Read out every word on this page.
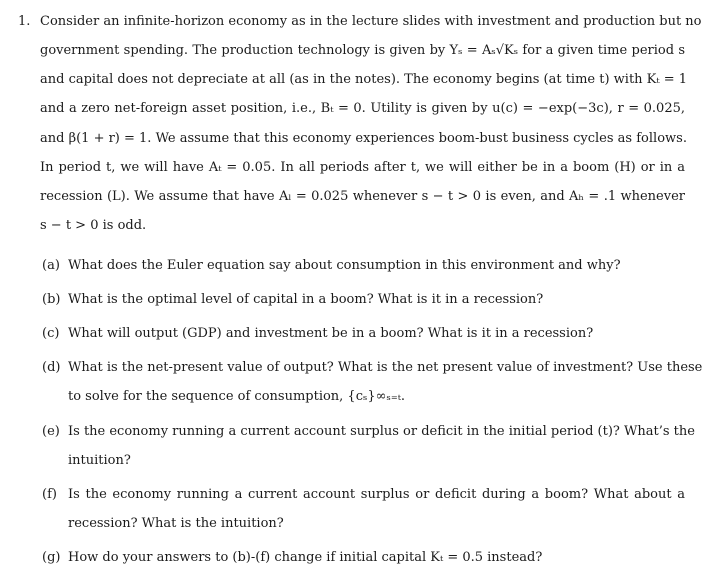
1. Consider an infinite-horizon economy as in the lecture slides with investment and production but no
government spending. The production technology is given by Yₛ = Aₛ√Kₛ for a given time period s
and capital does not depreciate at all (as in the notes). The economy begins (at time t) with Kₜ = 1
and a zero net-foreign asset position, i.e., Bₜ = 0. Utility is given by u(c) = −exp(−3c), r = 0.025,
and β(1 + r) = 1. We assume that this economy experiences boom-bust business cycles as follows.
In period t, we will have Aₜ = 0.05. In all periods after t, we will either be in a boom (H) or in a
recession (L). We assume that have Aₗ = 0.025 whenever s − t > 0 is even, and Aₕ = .1 whenever
s − t > 0 is odd.
(a) What does the Euler equation say about consumption in this environment and why?
(b) What is the optimal level of capital in a boom? What is it in a recession?
(c) What will output (GDP) and investment be in a boom? What is it in a recession?
(d) What is the net-present value of output? What is the net present value of investment? Use these
to solve for the sequence of consumption, {cₛ}∞ₛ₌ₜ.
(e) Is the economy running a current account surplus or deficit in the initial period (t)? What’s the
intuition?
(f) Is the economy running a current account surplus or deficit during a boom? What about a
recession? What is the intuition?
(g) How do your answers to (b)-(f) change if initial capital Kₜ = 0.5 instead?
